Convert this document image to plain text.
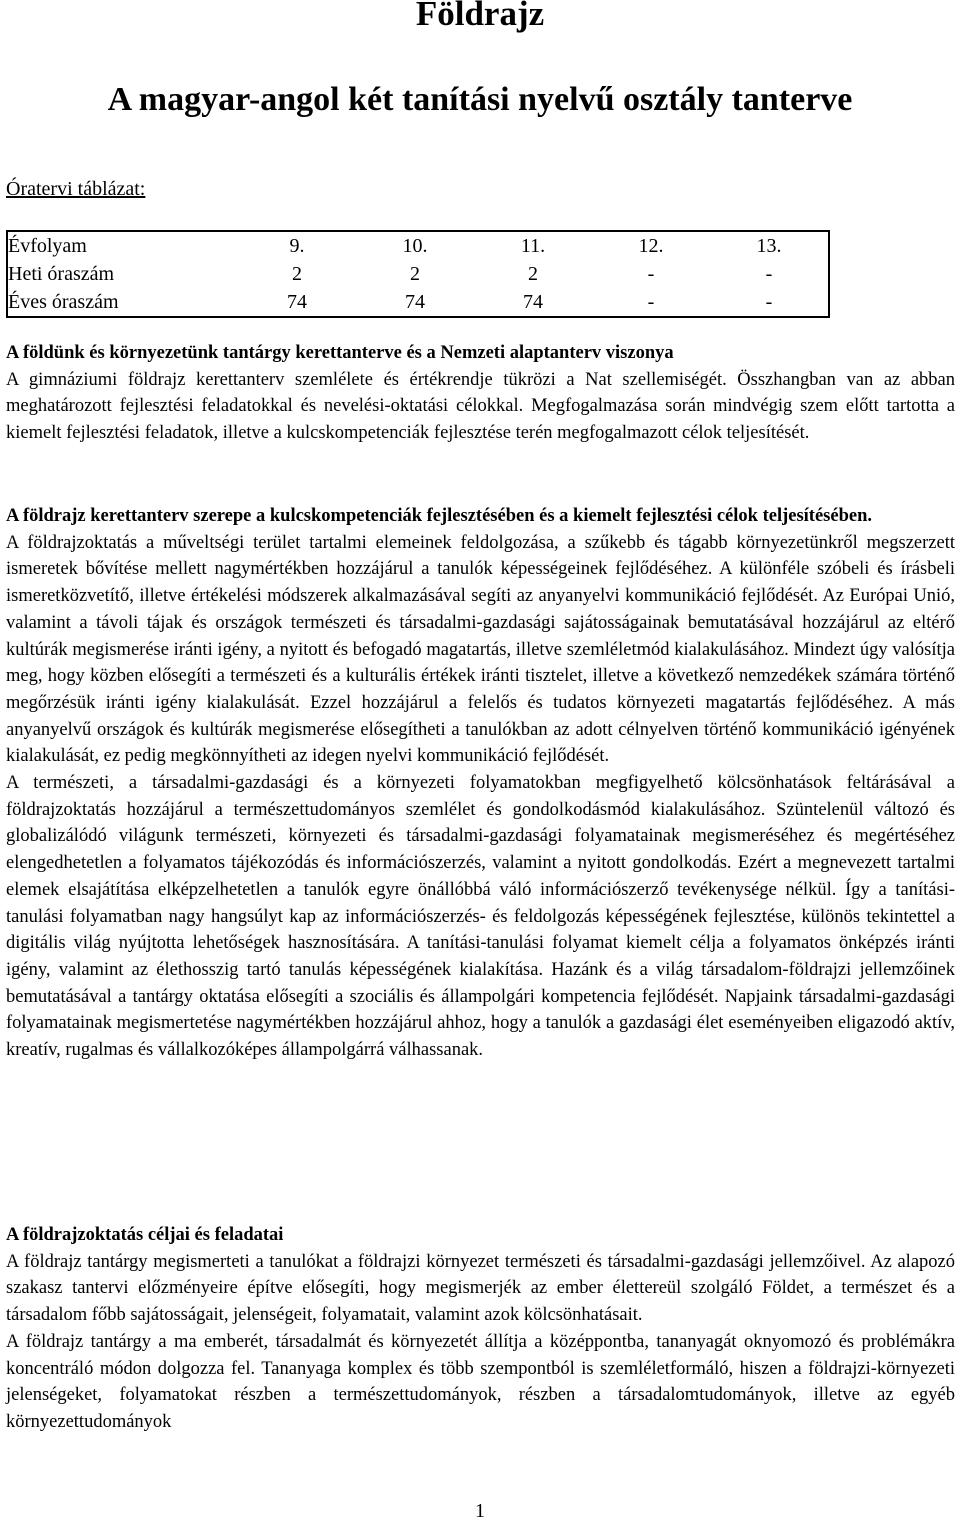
Földrajz
A magyar-angol két tanítási nyelvű osztály tanterve

Óratervi táblázat:

Évfolyam	9.	10.	11.	12.	13.
Heti óraszám	2	2	2	-	-
Éves óraszám	74	74	74	-	-
A földünk és környezetünk tantárgy kerettanterve és a Nemzeti alaptanterv viszonya
A gimnáziumi földrajz kerettanterv szemlélete és értékrendje tükrözi a Nat szellemiségét. Összhangban van az abban meghatározott fejlesztési feladatokkal és nevelési-oktatási célokkal. Megfogalmazása során mindvégig szem előtt tartotta a kiemelt fejlesztési feladatok, illetve a kulcskompetenciák fejlesztése terén megfogalmazott célok teljesítését.
A földrajz kerettanterv szerepe a kulcskompetenciák fejlesztésében és a kiemelt fejlesztési célok teljesítésében.
A földrajzoktatás a műveltségi terület tartalmi elemeinek feldolgozása, a szűkebb és tágabb környezetünkről megszerzett ismeretek bővítése mellett nagymértékben hozzájárul a tanulók képességeinek fejlődéséhez. A különféle szóbeli és írásbeli ismeretközvetítő, illetve értékelési módszerek alkalmazásával segíti az anyanyelvi kommunikáció fejlődését. Az Európai Unió, valamint a távoli tájak és országok természeti és társadalmi-gazdasági sajátosságainak bemutatásával hozzájárul az eltérő kultúrák megismerése iránti igény, a nyitott és befogadó magatartás, illetve szemléletmód kialakulásához. Mindezt úgy valósítja meg, hogy közben elősegíti a természeti és a kulturális értékek iránti tisztelet, illetve a következő nemzedékek számára történő megőrzésük iránti igény kialakulását. Ezzel hozzájárul a felelős és tudatos környezeti magatartás fejlődéséhez. A más anyanyelvű országok és kultúrák megismerése elősegítheti a tanulókban az adott célnyelven történő kommunikáció igényének kialakulását, ez pedig megkönnyítheti az idegen nyelvi kommunikáció fejlődését.
A természeti, a társadalmi-gazdasági és a környezeti folyamatokban megfigyelhető kölcsönhatások feltárásával a földrajzoktatás hozzájárul a természettudományos szemlélet és gondolkodásmód kialakulásához. Szüntelenül változó és globalizálódó világunk természeti, környezeti és társadalmi-gazdasági folyamatainak megismeréséhez és megértéséhez elengedhetetlen a folyamatos tájékozódás és információszerzés, valamint a nyitott gondolkodás. Ezért a megnevezett tartalmi elemek elsajátítása elképzelhetetlen a tanulók egyre önállóbbá váló információszerző tevékenysége nélkül. Így a tanítási-tanulási folyamatban nagy hangsúlyt kap az információszerzés- és feldolgozás képességének fejlesztése, különös tekintettel a digitális világ nyújtotta lehetőségek hasznosítására. A tanítási-tanulási folyamat kiemelt célja a folyamatos önképzés iránti igény, valamint az élethosszig tartó tanulás képességének kialakítása. Hazánk és a világ társadalom-földrajzi jellemzőinek bemutatásával a tantárgy oktatása elősegíti a szociális és állampolgári kompetencia fejlődését. Napjaink társadalmi-gazdasági folyamatainak megismertetése nagymértékben hozzájárul ahhoz, hogy a tanulók a gazdasági élet eseményeiben eligazodó aktív, kreatív, rugalmas és vállalkozóképes állampolgárrá válhassanak.
A földrajzoktatás céljai és feladatai
A földrajz tantárgy megismerteti a tanulókat a földrajzi környezet természeti és társadalmi-gazdasági jellemzőivel. Az alapozó szakasz tantervi előzményeire építve elősegíti, hogy megismerjék az ember élettereül szolgáló Földet, a természet és a társadalom főbb sajátosságait, jelenségeit, folyamatait, valamint azok kölcsönhatásait.
A földrajz tantárgy a ma emberét, társadalmát és környezetét állítja a középpontba, tananyagát oknyomozó és problémákra koncentráló módon dolgozza fel. Tananyaga komplex és több szempontból is szemléletformáló, hiszen a földrajzi-környezeti jelenségeket, folyamatokat részben a természettudományok, részben a társadalomtudományok, illetve az egyéb környezettudományok

1
